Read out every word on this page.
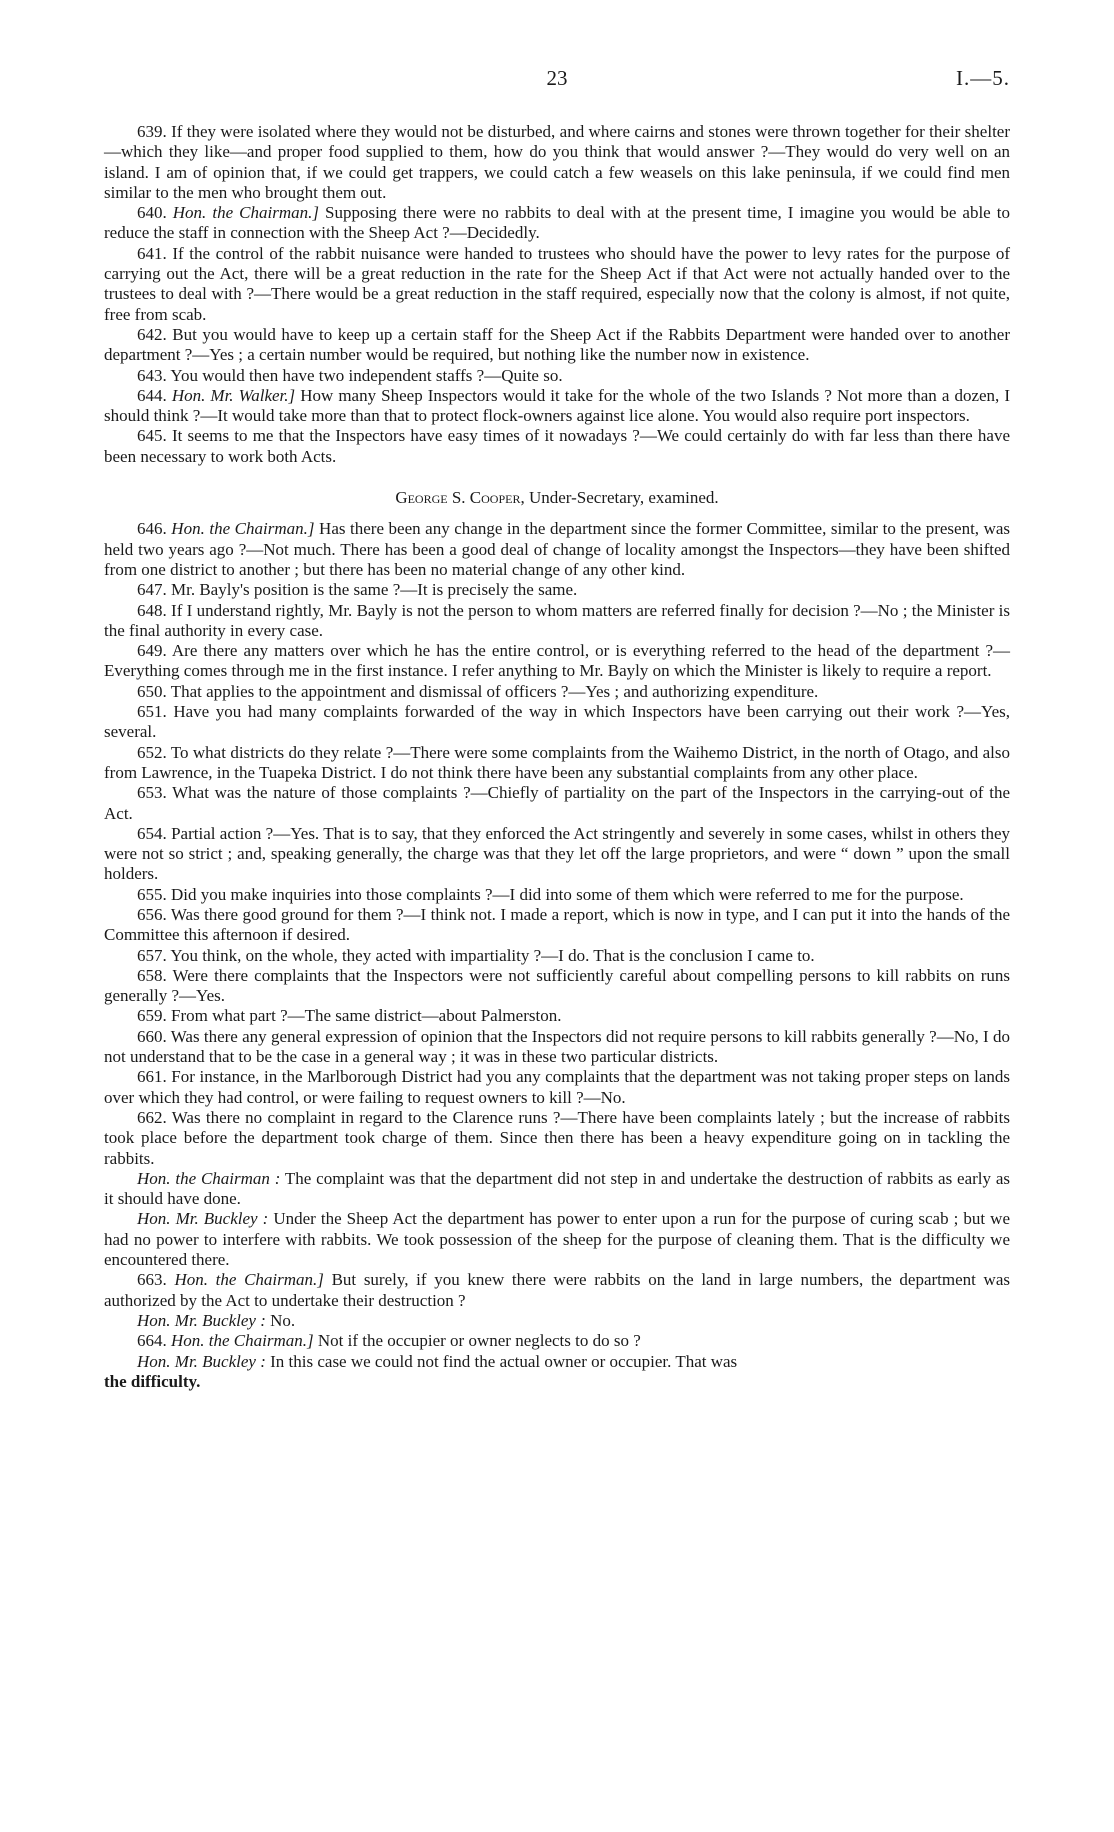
23	I.—5.

639. If they were isolated where they would not be disturbed, and where cairns and stones were thrown together for their shelter—which they like—and proper food supplied to them, how do you think that would answer ?—They would do very well on an island. I am of opinion that, if we could get trappers, we could catch a few weasels on this lake peninsula, if we could find men similar to the men who brought them out.

640. Hon. the Chairman.] Supposing there were no rabbits to deal with at the present time, I imagine you would be able to reduce the staff in connection with the Sheep Act ?—Decidedly.

641. If the control of the rabbit nuisance were handed to trustees who should have the power to levy rates for the purpose of carrying out the Act, there will be a great reduction in the rate for the Sheep Act if that Act were not actually handed over to the trustees to deal with ?—There would be a great reduction in the staff required, especially now that the colony is almost, if not quite, free from scab.

642. But you would have to keep up a certain staff for the Sheep Act if the Rabbits Department were handed over to another department ?—Yes ; a certain number would be required, but nothing like the number now in existence.

643. You would then have two independent staffs ?—Quite so.

644. Hon. Mr. Walker.] How many Sheep Inspectors would it take for the whole of the two Islands ? Not more than a dozen, I should think ?—It would take more than that to protect flock-owners against lice alone. You would also require port inspectors.

645. It seems to me that the Inspectors have easy times of it nowadays ?—We could certainly do with far less than there have been necessary to work both Acts.

George S. Cooper, Under-Secretary, examined.

646. Hon. the Chairman.] Has there been any change in the department since the former Committee, similar to the present, was held two years ago ?—Not much. There has been a good deal of change of locality amongst the Inspectors—they have been shifted from one district to another ; but there has been no material change of any other kind.

647. Mr. Bayly's position is the same ?—It is precisely the same.

648. If I understand rightly, Mr. Bayly is not the person to whom matters are referred finally for decision ?—No ; the Minister is the final authority in every case.

649. Are there any matters over which he has the entire control, or is everything referred to the head of the department ?—Everything comes through me in the first instance. I refer anything to Mr. Bayly on which the Minister is likely to require a report.

650. That applies to the appointment and dismissal of officers ?—Yes ; and authorizing expenditure.

651. Have you had many complaints forwarded of the way in which Inspectors have been carrying out their work ?—Yes, several.

652. To what districts do they relate ?—There were some complaints from the Waihemo District, in the north of Otago, and also from Lawrence, in the Tuapeka District. I do not think there have been any substantial complaints from any other place.

653. What was the nature of those complaints ?—Chiefly of partiality on the part of the Inspectors in the carrying-out of the Act.

654. Partial action ?—Yes. That is to say, that they enforced the Act stringently and severely in some cases, whilst in others they were not so strict ; and, speaking generally, the charge was that they let off the large proprietors, and were “ down ” upon the small holders.

655. Did you make inquiries into those complaints ?—I did into some of them which were referred to me for the purpose.

656. Was there good ground for them ?—I think not. I made a report, which is now in type, and I can put it into the hands of the Committee this afternoon if desired.

657. You think, on the whole, they acted with impartiality ?—I do. That is the conclusion I came to.

658. Were there complaints that the Inspectors were not sufficiently careful about compelling persons to kill rabbits on runs generally ?—Yes.

659. From what part ?—The same district—about Palmerston.

660. Was there any general expression of opinion that the Inspectors did not require persons to kill rabbits generally ?—No, I do not understand that to be the case in a general way ; it was in these two particular districts.

661. For instance, in the Marlborough District had you any complaints that the department was not taking proper steps on lands over which they had control, or were failing to request owners to kill ?—No.

662. Was there no complaint in regard to the Clarence runs ?—There have been complaints lately ; but the increase of rabbits took place before the department took charge of them. Since then there has been a heavy expenditure going on in tackling the rabbits.

Hon. the Chairman : The complaint was that the department did not step in and undertake the destruction of rabbits as early as it should have done.

Hon. Mr. Buckley : Under the Sheep Act the department has power to enter upon a run for the purpose of curing scab ; but we had no power to interfere with rabbits. We took possession of the sheep for the purpose of cleaning them. That is the difficulty we encountered there.

663. Hon. the Chairman.] But surely, if you knew there were rabbits on the land in large numbers, the department was authorized by the Act to undertake their destruction ?

Hon. Mr. Buckley : No.

664. Hon. the Chairman.] Not if the occupier or owner neglects to do so ?

Hon. Mr. Buckley : In this case we could not find the actual owner or occupier. That was
the difficulty.
